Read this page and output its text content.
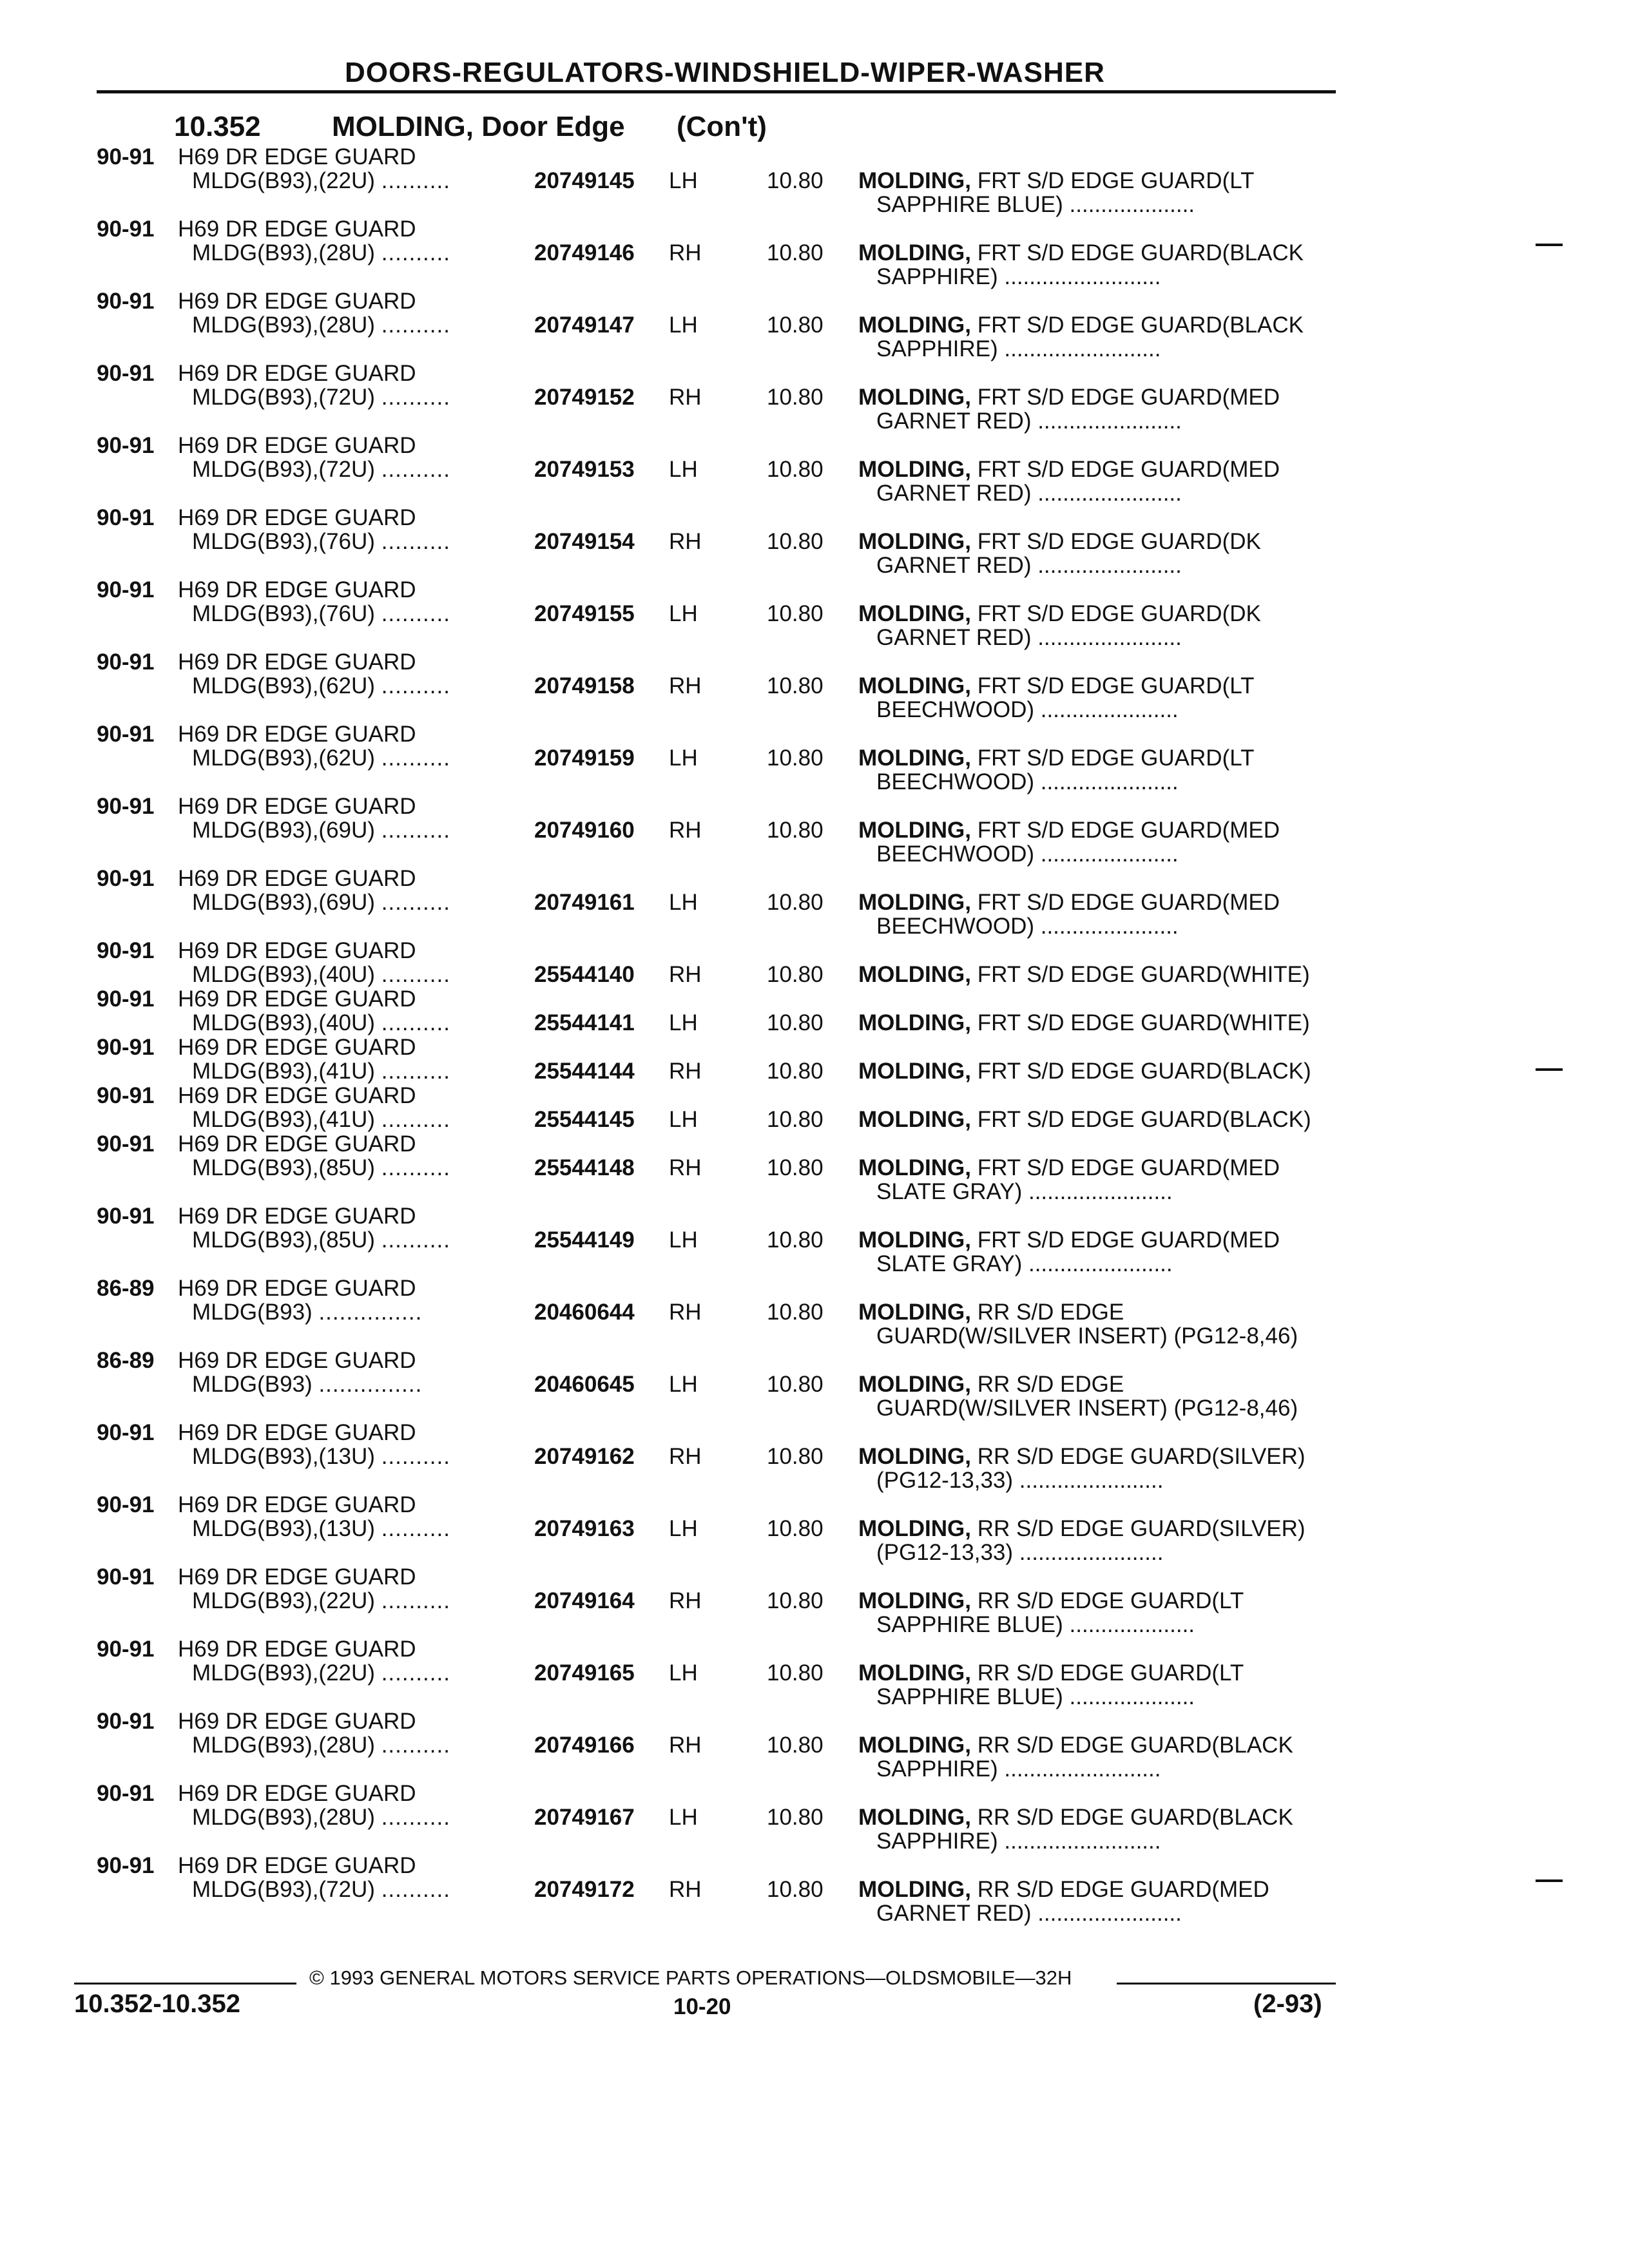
DOORS-REGULATORS-WINDSHIELD-WIPER-WASHER
10.352	MOLDING, Door Edge (Con't)
90-91 H69 DR EDGE GUARD
MLDG(B93),(22U) ..........	20749145 LH	10.80 MOLDING, FRT S/D EDGE GUARD(LT
SAPPHIRE BLUE) ....................
90-91 H69 DR EDGE GUARD
MLDG(B93),(28U) ..........	20749146 RH	10.80 MOLDING, FRT S/D EDGE GUARD(BLACK
SAPPHIRE) .........................
90-91 H69 DR EDGE GUARD
MLDG(B93),(28U) ..........	20749147 LH	10.80 MOLDING, FRT S/D EDGE GUARD(BLACK
SAPPHIRE) .........................
90-91 H69 DR EDGE GUARD
MLDG(B93),(72U) ..........	20749152 RH	10.80 MOLDING, FRT S/D EDGE GUARD(MED
GARNET RED) .......................
90-91 H69 DR EDGE GUARD
MLDG(B93),(72U) ..........	20749153 LH	10.80 MOLDING, FRT S/D EDGE GUARD(MED
GARNET RED) .......................
90-91 H69 DR EDGE GUARD
MLDG(B93),(76U) ..........	20749154 RH	10.80 MOLDING, FRT S/D EDGE GUARD(DK
GARNET RED) .......................
90-91 H69 DR EDGE GUARD
MLDG(B93),(76U) ..........	20749155 LH	10.80 MOLDING, FRT S/D EDGE GUARD(DK
GARNET RED) .......................
90-91 H69 DR EDGE GUARD
MLDG(B93),(62U) ..........	20749158 RH	10.80 MOLDING, FRT S/D EDGE GUARD(LT
BEECHWOOD) ......................
90-91 H69 DR EDGE GUARD
MLDG(B93),(62U) ..........	20749159 LH	10.80 MOLDING, FRT S/D EDGE GUARD(LT
BEECHWOOD) ......................
90-91 H69 DR EDGE GUARD
MLDG(B93),(69U) ..........	20749160 RH	10.80 MOLDING, FRT S/D EDGE GUARD(MED
BEECHWOOD) ......................
90-91 H69 DR EDGE GUARD
MLDG(B93),(69U) ..........	20749161 LH	10.80 MOLDING, FRT S/D EDGE GUARD(MED
BEECHWOOD) ......................
90-91 H69 DR EDGE GUARD
MLDG(B93),(40U) ..........	25544140 RH	10.80 MOLDING, FRT S/D EDGE GUARD(WHITE)
90-91 H69 DR EDGE GUARD
MLDG(B93),(40U) ..........	25544141 LH	10.80 MOLDING, FRT S/D EDGE GUARD(WHITE)
90-91 H69 DR EDGE GUARD
MLDG(B93),(41U) ..........	25544144 RH	10.80 MOLDING, FRT S/D EDGE GUARD(BLACK)
90-91 H69 DR EDGE GUARD
MLDG(B93),(41U) ..........	25544145 LH	10.80 MOLDING, FRT S/D EDGE GUARD(BLACK)
90-91 H69 DR EDGE GUARD
MLDG(B93),(85U) ..........	25544148 RH	10.80 MOLDING, FRT S/D EDGE GUARD(MED
SLATE GRAY) .......................
90-91 H69 DR EDGE GUARD
MLDG(B93),(85U) ..........	25544149 LH	10.80 MOLDING, FRT S/D EDGE GUARD(MED
SLATE GRAY) .......................
86-89 H69 DR EDGE GUARD
MLDG(B93) ...............	20460644 RH	10.80 MOLDING, RR S/D EDGE
GUARD(W/SILVER INSERT) (PG12-8,46)
86-89 H69 DR EDGE GUARD
MLDG(B93) ...............	20460645 LH	10.80 MOLDING, RR S/D EDGE
GUARD(W/SILVER INSERT) (PG12-8,46)
90-91 H69 DR EDGE GUARD
MLDG(B93),(13U) ..........	20749162 RH	10.80 MOLDING, RR S/D EDGE GUARD(SILVER)
(PG12-13,33) .......................
90-91 H69 DR EDGE GUARD
MLDG(B93),(13U) ..........	20749163 LH	10.80 MOLDING, RR S/D EDGE GUARD(SILVER)
(PG12-13,33) .......................
90-91 H69 DR EDGE GUARD
MLDG(B93),(22U) ..........	20749164 RH	10.80 MOLDING, RR S/D EDGE GUARD(LT
SAPPHIRE BLUE) ....................
90-91 H69 DR EDGE GUARD
MLDG(B93),(22U) ..........	20749165 LH	10.80 MOLDING, RR S/D EDGE GUARD(LT
SAPPHIRE BLUE) ....................
90-91 H69 DR EDGE GUARD
MLDG(B93),(28U) ..........	20749166 RH	10.80 MOLDING, RR S/D EDGE GUARD(BLACK
SAPPHIRE) .........................
90-91 H69 DR EDGE GUARD
MLDG(B93),(28U) ..........	20749167 LH	10.80 MOLDING, RR S/D EDGE GUARD(BLACK
SAPPHIRE) .........................
90-91 H69 DR EDGE GUARD
MLDG(B93),(72U) ..........	20749172 RH	10.80 MOLDING, RR S/D EDGE GUARD(MED
GARNET RED) .......................
© 1993 GENERAL MOTORS SERVICE PARTS OPERATIONS—OLDSMOBILE—32H
10.352-10.352	10-20	(2-93)
